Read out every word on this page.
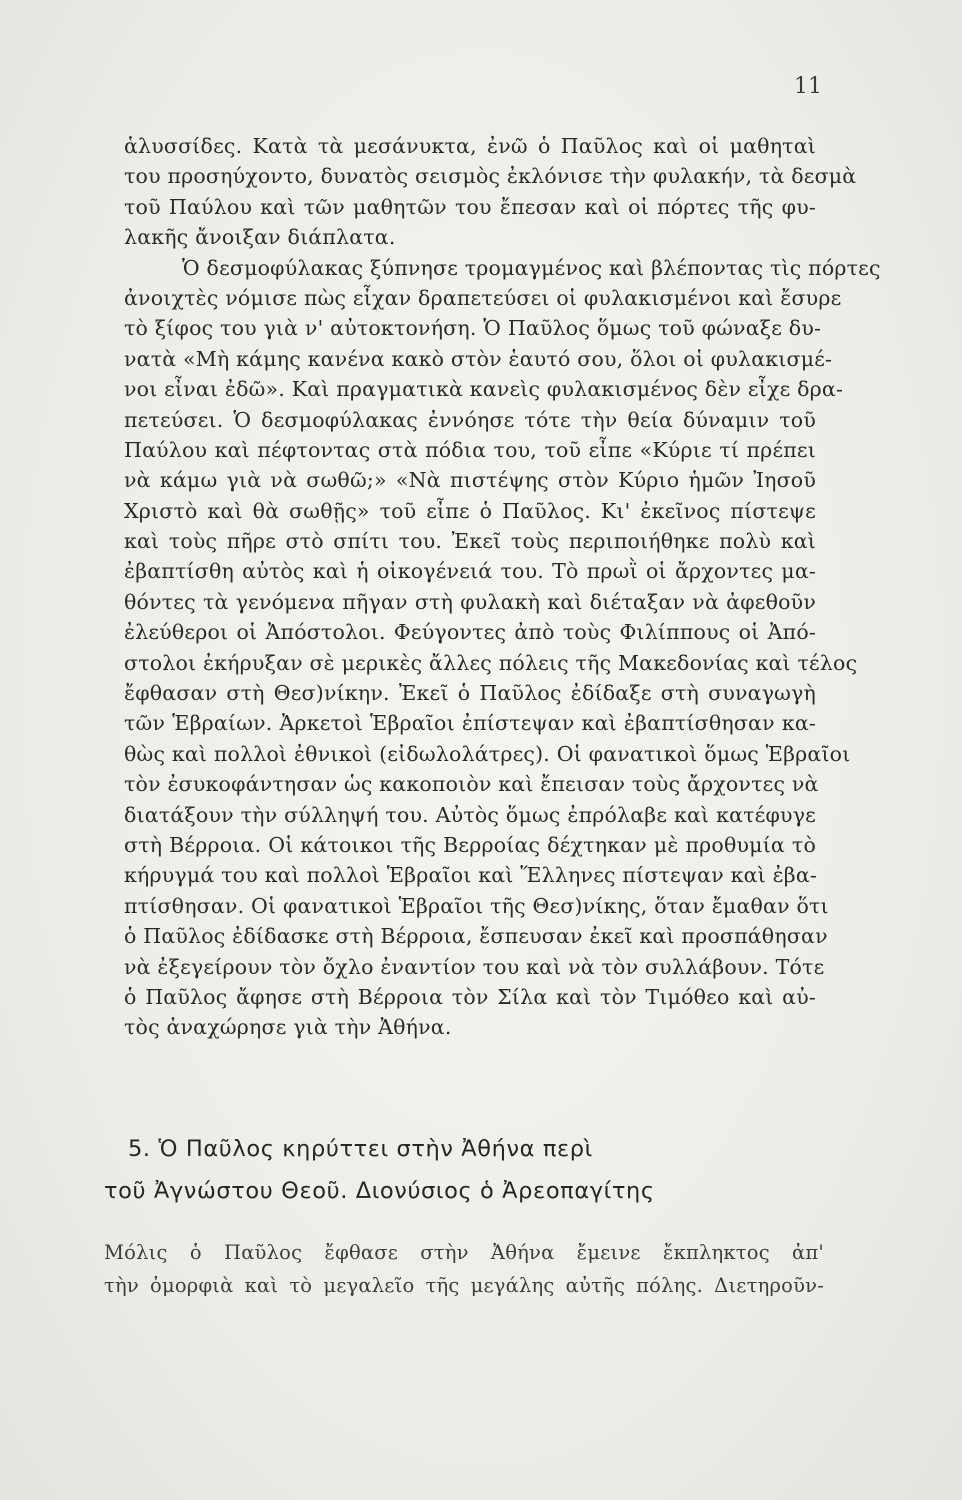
11
ἁλυσσίδες. Κατὰ τὰ μεσάνυκτα, ἐνῶ ὁ Παῦλος καὶ οἱ μαθηταὶ
του προσηύχοντο, δυνατὸς σεισμὸς ἐκλόνισε τὴν φυλακήν, τὰ δεσμὰ
τοῦ Παύλου καὶ τῶν μαθητῶν του ἔπεσαν καὶ οἱ πόρτες τῆς φυ-
λακῆς ἄνοιξαν διάπλατα.
Ὁ δεσμοφύλακας ξύπνησε τρομαγμένος καὶ βλέποντας τὶς πόρτες
ἀνοιχτὲς νόμισε πὼς εἶχαν δραπετεύσει οἱ φυλακισμένοι καὶ ἔσυρε
τὸ ξίφος του γιὰ ν' αὐτοκτονήση. Ὁ Παῦλος ὅμως τοῦ φώναξε δυ-
νατὰ «Μὴ κάμης κανένα κακὸ στὸν ἑαυτό σου, ὅλοι οἱ φυλακισμέ-
νοι εἶναι ἐδῶ». Καὶ πραγματικὰ κανεὶς φυλακισμένος δὲν εἶχε δρα-
πετεύσει. Ὁ δεσμοφύλακας ἐννόησε τότε τὴν θεία δύναμιν τοῦ
Παύλου καὶ πέφτοντας στὰ πόδια του, τοῦ εἶπε «Κύριε τί πρέπει
νὰ κάμω γιὰ νὰ σωθῶ;» «Νὰ πιστέψης στὸν Κύριο ἡμῶν Ἰησοῦ
Χριστὸ καὶ θὰ σωθῇς» τοῦ εἶπε ὁ Παῦλος. Κι' ἐκεῖνος πίστεψε
καὶ τοὺς πῆρε στὸ σπίτι του. Ἐκεῖ τοὺς περιποιήθηκε πολὺ καὶ
ἐβαπτίσθη αὐτὸς καὶ ἡ οἰκογένειά του. Τὸ πρωῒ οἱ ἄρχοντες μα-
θόντες τὰ γενόμενα πῆγαν στὴ φυλακὴ καὶ διέταξαν νὰ ἀφεθοῦν
ἐλεύθεροι οἱ Ἀπόστολοι. Φεύγοντες ἀπὸ τοὺς Φιλίππους οἱ Ἀπό-
στολοι ἐκήρυξαν σὲ μερικὲς ἄλλες πόλεις τῆς Μακεδονίας καὶ τέλος
ἔφθασαν στὴ Θεσ)νίκην. Ἐκεῖ ὁ Παῦλος ἐδίδαξε στὴ συναγωγὴ
τῶν Ἑβραίων. Ἀρκετοὶ Ἑβραῖοι ἐπίστεψαν καὶ ἐβαπτίσθησαν κα-
θὼς καὶ πολλοὶ ἐθνικοὶ (εἰδωλολάτρες). Οἱ φανατικοὶ ὅμως Ἑβραῖοι
τὸν ἐσυκοφάντησαν ὡς κακοποιὸν καὶ ἔπεισαν τοὺς ἄρχοντες νὰ
διατάξουν τὴν σύλληψή του. Αὐτὸς ὅμως ἐπρόλαβε καὶ κατέφυγε
στὴ Βέρροια. Οἱ κάτοικοι τῆς Βερροίας δέχτηκαν μὲ προθυμία τὸ
κήρυγμά του καὶ πολλοὶ Ἑβραῖοι καὶ Ἕλληνες πίστεψαν καὶ ἐβα-
πτίσθησαν. Οἱ φανατικοὶ Ἑβραῖοι τῆς Θεσ)νίκης, ὅταν ἔμαθαν ὅτι
ὁ Παῦλος ἐδίδασκε στὴ Βέρροια, ἔσπευσαν ἐκεῖ καὶ προσπάθησαν
νὰ ἐξεγείρουν τὸν ὄχλο ἐναντίον του καὶ νὰ τὸν συλλάβουν. Τότε
ὁ Παῦλος ἄφησε στὴ Βέρροια τὸν Σίλα καὶ τὸν Τιμόθεο καὶ αὐ-
τὸς ἀναχώρησε γιὰ τὴν Ἀθήνα.
5. Ὁ Παῦλος κηρύττει στὴν Ἀθήνα περὶ
τοῦ Ἀγνώστου Θεοῦ. Διονύσιος ὁ Ἀρεοπαγίτης
Μόλις ὁ Παῦλος ἔφθασε στὴν Ἀθήνα ἔμεινε ἔκπληκτος ἀπ'
τὴν ὀμορφιὰ καὶ τὸ μεγαλεῖο τῆς μεγάλης αὐτῆς πόλης. Διετηροῦν-
